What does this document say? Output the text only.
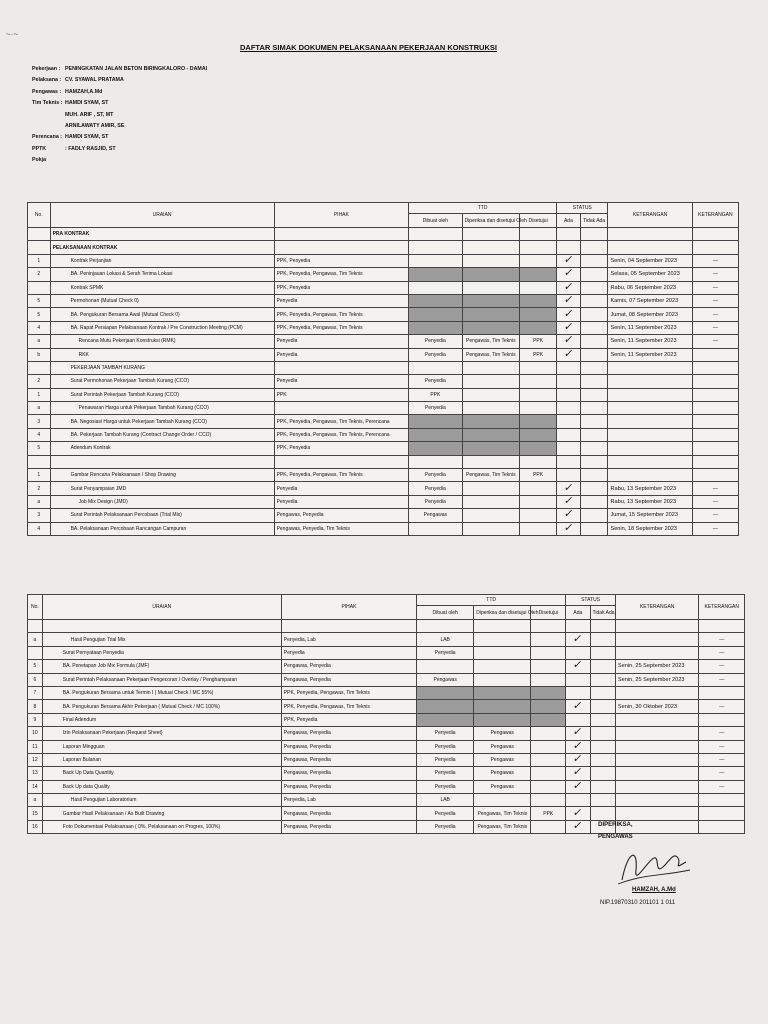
DAFTAR SIMAK DOKUMEN PELAKSANAAN PEKERJAAN KONSTRUKSI
Pekerjaan : PENINGKATAN JALAN BETON BIRINGKALORO - DAMAI
Pelaksana : CV. SYAWAL PRATAMA
Pengawas : HAMZAH,A.Md
Tim Teknis : HAMDI SYAM, ST
MUH. ARIF , ST, MT
ARNILAWATY AMIR, SE
Perencana : HAMDI SYAM, ST
PPTK	: FADLY RASJID, ST
Pokja
No.	URAIAN	PIHAK	TTD			STATUS		KETERANGAN	KETERANGAN
			Dibuat oleh	Diperiksa dan disetujui Oleh	Disetujui	Ada	Tidak Ada		
	PRA KONTRAK								
	PELAKSANAAN KONTRAK								
1	Kontrak Perjanjian	PPK, Penyedia				✓		Senin, 04 September 2023	—
2	BA. Peninjauan Lokasi & Serah Terima Lokasi	PPK, Penyedia, Pengawas, Tim Teknis				✓		Selasa, 05 September 2023	—
	Kontrak SPMK	PPK, Penyedia				✓		Rabu, 06 September 2023	—
5	Permohonan (Mutual Check 0)	Penyedia				✓		Kamis, 07 September 2023	—
5	BA. Pengukuran Bersama Awal (Mutual Check 0)	PPK, Penyedia, Pengawas, Tim Teknis				✓		Jumat, 08 September 2023	—
4	BA. Rapat Persiapan Pelaksanaan Kontrak / Pre Construction Meeting (PCM)	PPK, Penyedia, Pengawas, Tim Teknis				✓		Senin, 11 September 2023	—
a	Rencana Mutu Pekerjaan Konstruksi (RMK)	Penyedia	Penyedia	Pengawas, Tim Teknis	PPK	✓		Senin, 11 September 2023	—
b	RKK	Penyedia	Penyedia	Pengawas, Tim Teknis	PPK	✓		Senin, 11 September 2023	
	PEKERJAAN TAMBAH KURANG								
2	Surat Permohonan Pekerjaan Tambah Kurang (CCO)	Penyedia	Penyedia						
1	Surat Perintah Pekerjaan Tambah Kurang (CCO)	PPK	PPK						
a	Penawaran Harga untuk Pekerjaan Tambah Kurang (CCO)		Penyedia						
3	BA. Negosiasi Harga untuk Pekerjaan Tambah Kurang (CCO)	PPK, Penyedia, Pengawas, Tim Teknis, Perencana							
4	BA. Pekerjaan Tambah Kurang (Contract Change Order / CCO)	PPK, Penyedia, Pengawas, Tim Teknis, Perencana							
5	Adendum Kontrak	PPK, Penyedia							

1	Gambar Rencana Pelaksanaan / Shop Drawing	PPK, Penyedia, Pengawas, Tim Teknis	Penyedia	Pengawas, Tim Teknis	PPK				
2	Surat Penyampaian JMD	Penyedia	Penyedia			✓		Rabu, 13 September 2023	—
a	Job Mix Design (JMD)	Penyedia	Penyedia			✓		Rabu, 13 September 2023	—
3	Surat Perintah Pelaksanaan Percobaan (Trial Mix)	Pengawas, Penyedia	Pengawas			✓		Jumat, 15 September 2023	—
4	BA. Pelaksanaan Percobaan Rancangan Campuran	Pengawas, Penyedia, Tim Teknis				✓		Senin, 18 September 2023	—
No.	URAIAN	PIHAK	TTD			STATUS		KETERANGAN	KETERANGAN
			Dibuat oleh	Diperiksa dan disetujui Oleh	Disetujui	Ada	Tidak Ada		

a	Hasil Pengujian Trial Mix	Penyedia, Lab	LAB			✓			—
	Surat Pernyataan Penyedia	Penyedia	Penyedia						—
5	BA. Penetapan Job Mix Formula (JMF)	Pengawas, Penyedia				✓		Senin, 25 September 2023	—
6	Surat Perintah Pelaksanaan Pekerjaan Pengecoran / Overlay / Penghamparan	Pengawas, Penyedia	Pengawas					Senin, 25 September 2023	—
7	BA. Pengukuran Bersama untuk Termin I ( Mutual Check / MC 55%)	PPK, Penyedia, Pengawas, Tim Teknis							
8	BA. Pengukuran Bersama Akhir Pekerjaan ( Mutual Check / MC 100%)	PPK, Penyedia, Pengawas, Tim Teknis				✓		Senin, 30 Oktober 2023	—
9	Final Adendum	PPK, Penyedia							
10	Izin Pelaksanaan Pekerjaan (Request Sheet)	Pengawas, Penyedia	Penyedia	Pengawas		✓			—
11	Laporan Mingguan	Pengawas, Penyedia	Penyedia	Pengawas		✓			—
12	Laporan Bulanan	Pengawas, Penyedia	Penyedia	Pengawas		✓			—
13	Back Up Data Quantity	Pengawas, Penyedia	Penyedia	Pengawas		✓			—
14	Back Up data Quality	Pengawas, Penyedia	Penyedia	Pengawas		✓			—
a	Hasil Pengujian Laboratorium	Penyedia, Lab	LAB						
15	Gambar Hasil Pelaksanaan / As Built Drawing	Pengawas, Penyedia	Penyedia	Pengawas, Tim Teknis	PPK	✓			
16	Foto Dokumentasi Pelaksanaan ( 0%, Pelaksanaan on Progres, 100%)	Pengawas, Penyedia	Penyedia	Pengawas, Tim Teknis		✓			DIPERIKSA,
PENGAWAS
HAMZAH, A.Md
NIP.19870310 201101 1 011
~·~
